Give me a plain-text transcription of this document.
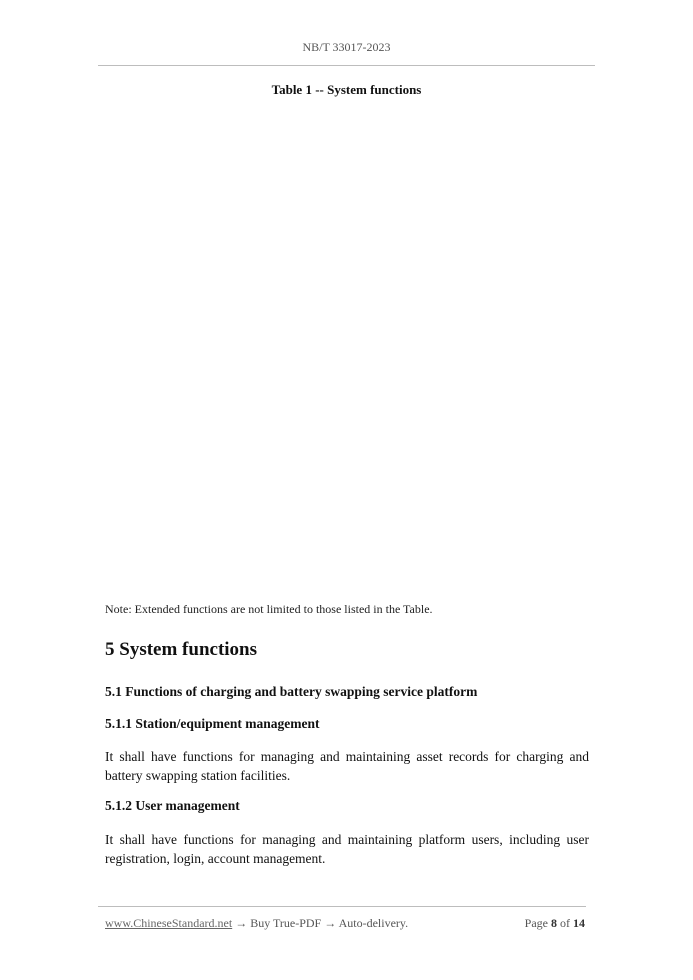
NB/T 33017-2023
Table 1 -- System functions
Note: Extended functions are not limited to those listed in the Table.
5 System functions
5.1 Functions of charging and battery swapping service platform
5.1.1 Station/equipment management
It shall have functions for managing and maintaining asset records for charging and battery swapping station facilities.
5.1.2 User management
It shall have functions for managing and maintaining platform users, including user registration, login, account management.
www.ChineseStandard.net → Buy True-PDF → Auto-delivery.	Page 8 of 14
